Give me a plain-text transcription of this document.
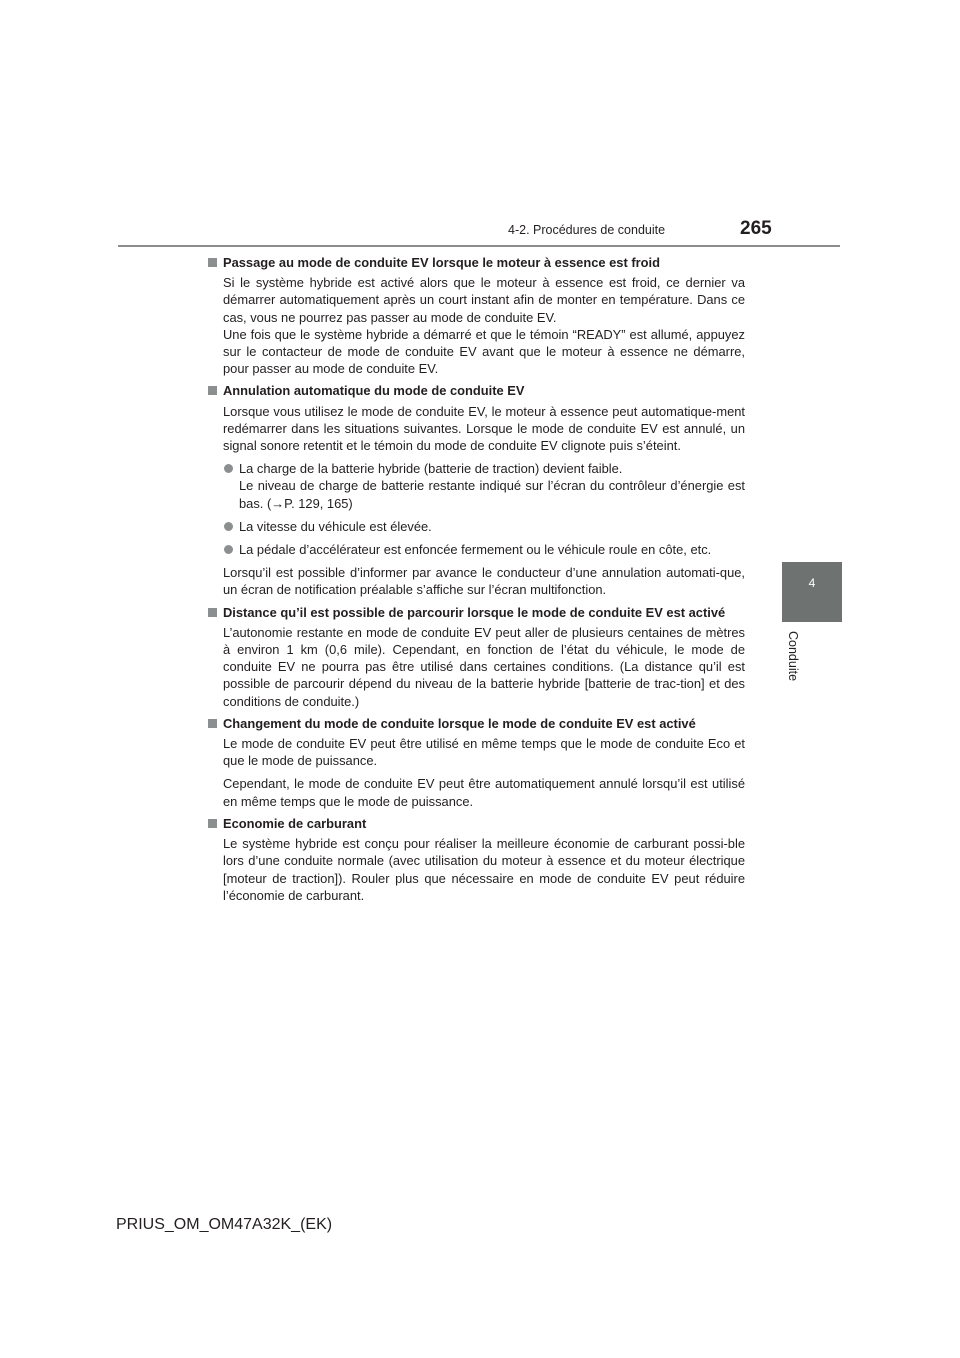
4-2. Procédures de conduite	265
4
Conduite
Passage au mode de conduite EV lorsque le moteur à essence est froid
Si le système hybride est activé alors que le moteur à essence est froid, ce dernier va démarrer automatiquement après un court instant afin de monter en température. Dans ce cas, vous ne pourrez pas passer au mode de conduite EV.
Une fois que le système hybride a démarré et que le témoin “READY” est allumé, appuyez sur le contacteur de mode de conduite EV avant que le moteur à essence ne démarre, pour passer au mode de conduite EV.
Annulation automatique du mode de conduite EV
Lorsque vous utilisez le mode de conduite EV, le moteur à essence peut automatique-ment redémarrer dans les situations suivantes. Lorsque le mode de conduite EV est annulé, un signal sonore retentit et le témoin du mode de conduite EV clignote puis s’éteint.
La charge de la batterie hybride (batterie de traction) devient faible.
Le niveau de charge de batterie restante indiqué sur l’écran du contrôleur d’énergie est bas. (→P. 129, 165)
La vitesse du véhicule est élevée.
La pédale d’accélérateur est enfoncée fermement ou le véhicule roule en côte, etc.
Lorsqu’il est possible d’informer par avance le conducteur d’une annulation automati-que, un écran de notification préalable s’affiche sur l’écran multifonction.
Distance qu’il est possible de parcourir lorsque le mode de conduite EV est activé
L’autonomie restante en mode de conduite EV peut aller de plusieurs centaines de mètres à environ 1 km (0,6 mile). Cependant, en fonction de l’état du véhicule, le mode de conduite EV ne pourra pas être utilisé dans certaines conditions. (La distance qu’il est possible de parcourir dépend du niveau de la batterie hybride [batterie de trac-tion] et des conditions de conduite.)
Changement du mode de conduite lorsque le mode de conduite EV est activé
Le mode de conduite EV peut être utilisé en même temps que le mode de conduite Eco et que le mode de puissance.
Cependant, le mode de conduite EV peut être automatiquement annulé lorsqu’il est utilisé en même temps que le mode de puissance.
Economie de carburant
Le système hybride est conçu pour réaliser la meilleure économie de carburant possi-ble lors d’une conduite normale (avec utilisation du moteur à essence et du moteur électrique [moteur de traction]). Rouler plus que nécessaire en mode de conduite EV peut réduire l’économie de carburant.
PRIUS_OM_OM47A32K_(EK)
